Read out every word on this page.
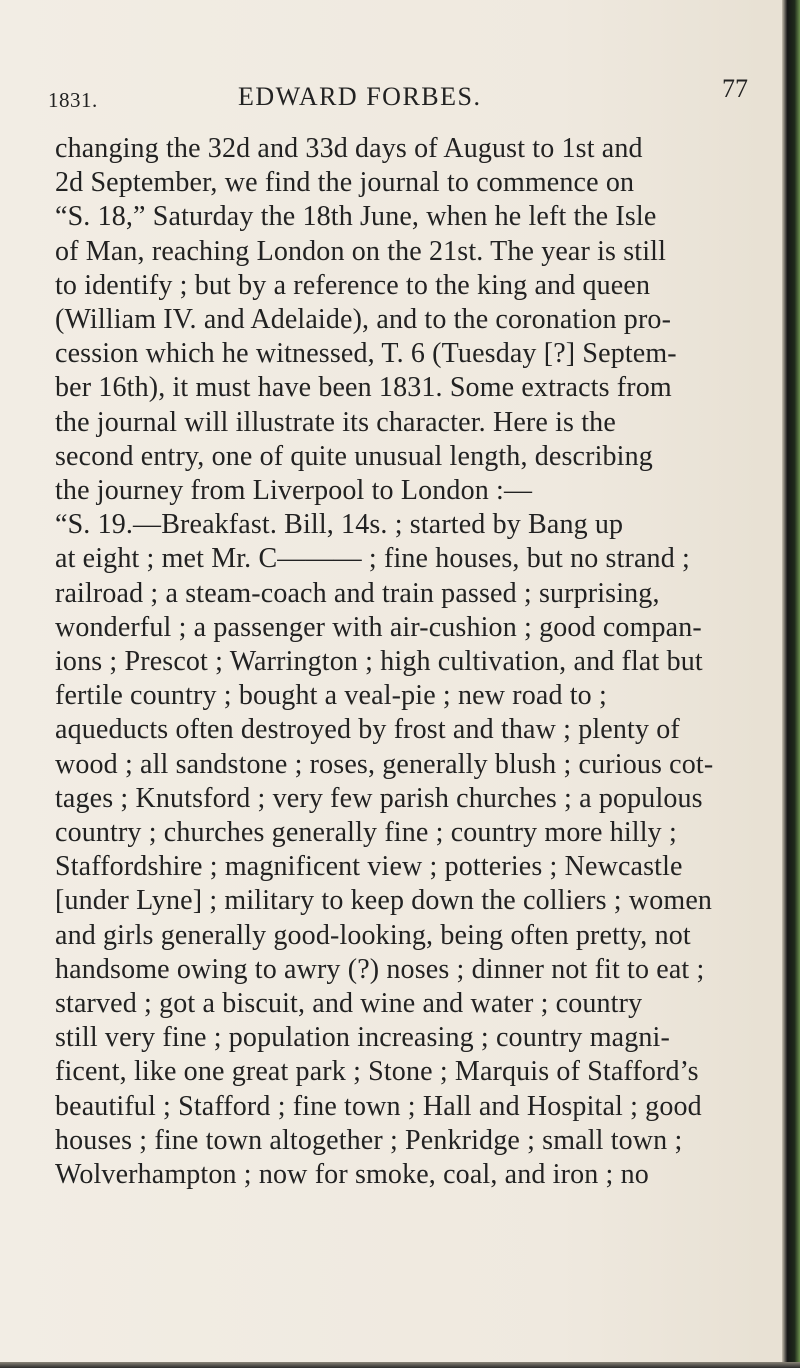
1831.	EDWARD FORBES.	77
changing the 32d and 33d days of August to 1st and
2d September, we find the journal to commence on
“S. 18,” Saturday the 18th June, when he left the Isle
of Man, reaching London on the 21st. The year is still
to identify ; but by a reference to the king and queen
(William IV. and Adelaide), and to the coronation pro-
cession which he witnessed, T. 6 (Tuesday [?] Septem-
ber 16th), it must have been 1831. Some extracts from
the journal will illustrate its character. Here is the
second entry, one of quite unusual length, describing
the journey from Liverpool to London :—
“S. 19.—Breakfast. Bill, 14s. ; started by Bang up
at eight ; met Mr. C——— ; fine houses, but no strand ;
railroad ; a steam-coach and train passed ; surprising,
wonderful ; a passenger with air-cushion ; good compan-
ions ; Prescot ; Warrington ; high cultivation, and flat but
fertile country ; bought a veal-pie ; new road to ;
aqueducts often destroyed by frost and thaw ; plenty of
wood ; all sandstone ; roses, generally blush ; curious cot-
tages ; Knutsford ; very few parish churches ; a populous
country ; churches generally fine ; country more hilly ;
Staffordshire ; magnificent view ; potteries ; Newcastle
[under Lyne] ; military to keep down the colliers ; women
and girls generally good-looking, being often pretty, not
handsome owing to awry (?) noses ; dinner not fit to eat ;
starved ; got a biscuit, and wine and water ; country
still very fine ; population increasing ; country magni-
ficent, like one great park ; Stone ; Marquis of Stafford’s
beautiful ; Stafford ; fine town ; Hall and Hospital ; good
houses ; fine town altogether ; Penkridge ; small town ;
Wolverhampton ; now for smoke, coal, and iron ; no
